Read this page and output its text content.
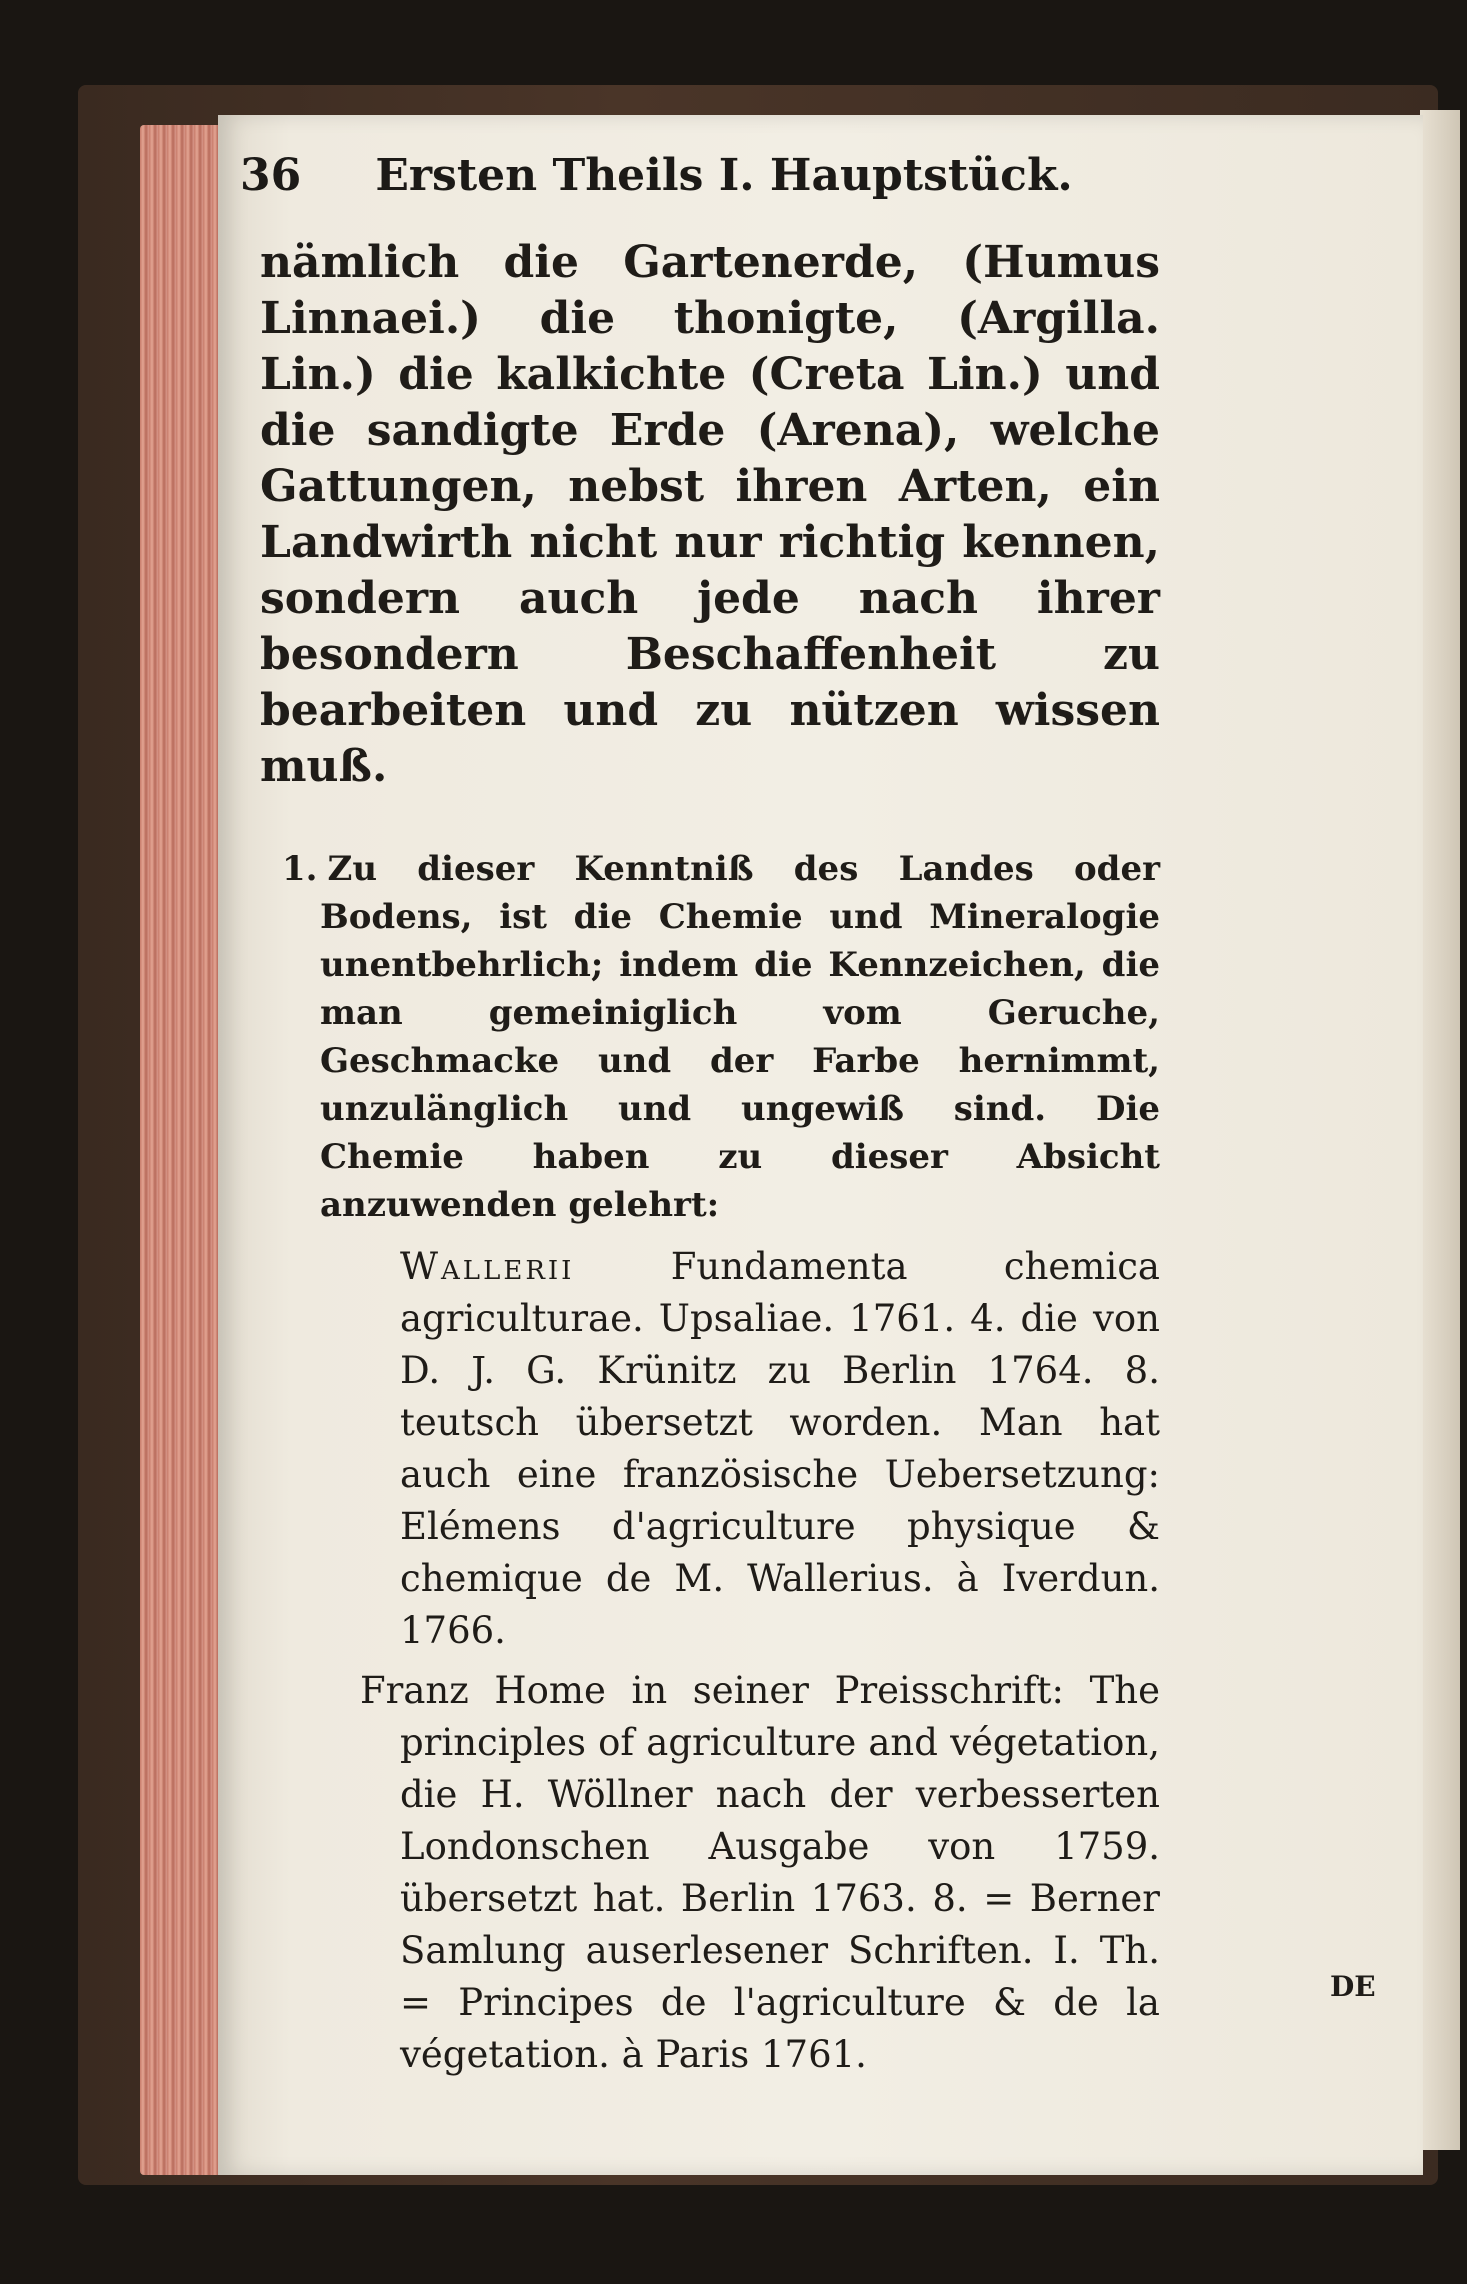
36 Ersten Theils I. Hauptstück.

nämlich die Gartenerde, (Humus Linnaei.) die thonigte, (Argilla. Lin.) die kalkichte (Creta Lin.) und die sandigte Erde (Arena), welche Gattungen, nebst ihren Arten, ein Landwirth nicht nur richtig kennen, sondern auch jede nach ihrer besondern Beschaffenheit zu bearbeiten und zu nützen wissen muß.

1. Zu dieser Kenntniß des Landes oder Bodens, ist die Chemie und Mineralogie unentbehrlich; indem die Kennzeichen, die man gemeiniglich vom Geruche, Geschmacke und der Farbe hernimmt, unzulänglich und ungewiß sind. Die Chemie haben zu dieser Absicht anzuwenden gelehrt:
Wallerii	Fundamenta chemica agriculturae. Upsaliae. 1761. 4. die von D. J. G. Krünitz zu Berlin 1764. 8. teutsch übersetzt worden. Man hat auch eine französische Uebersetzung: Elémens d'agriculture physique & chemique de M. Wallerius. à Iverdun. 1766.
Franz Home in seiner Preisschrift: The principles of agriculture and végetation, die H. Wöllner nach der verbesserten Londonschen Ausgabe von 1759. übersetzt hat. Berlin 1763. 8. = Berner Samlung auserlesener Schriften. I. Th. = Principes de l'agriculture & de la végetation. à Paris 1761.
DE
